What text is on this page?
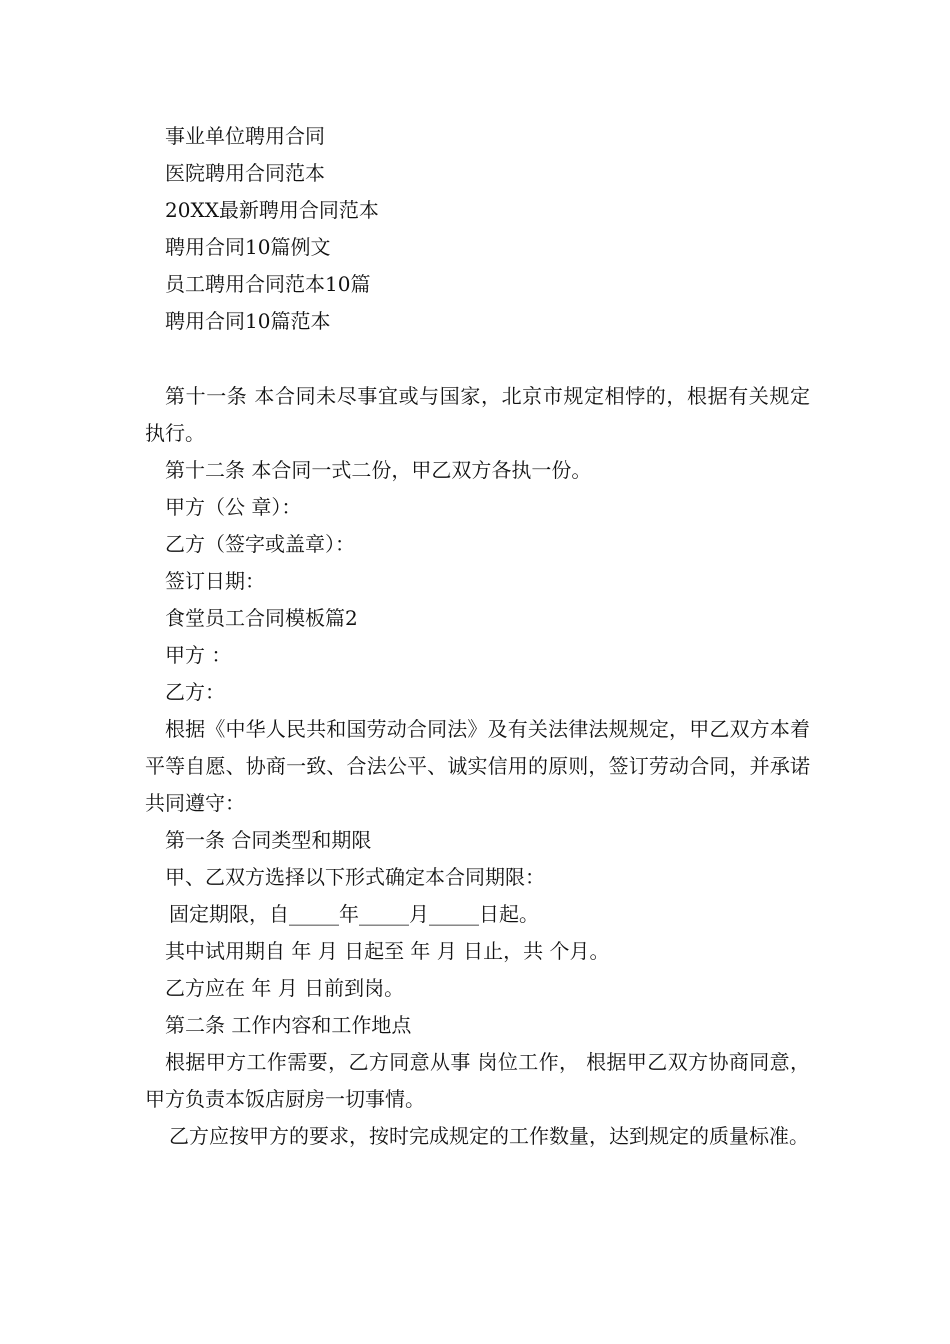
事业单位聘用合同

医院聘用合同范本

20XX最新聘用合同范本

聘用合同10篇例文

员工聘用合同范本10篇

聘用合同10篇范本

第十一条 本合同未尽事宜或与国家，北京市规定相悖的，根据有关规定执行。

第十二条 本合同一式二份，甲乙双方各执一份。

甲方（公 章）：

乙方（签字或盖章）：

签订日期：

食堂员工合同模板篇2

甲方 ：

乙方：

根据《中华人民共和国劳动合同法》及有关法律法规规定，甲乙双方本着平等自愿、协商一致、合法公平、诚实信用的原则，签订劳动合同，并承诺共同遵守：

第一条 合同类型和期限

甲、乙双方选择以下形式确定本合同期限：

固定期限，自_____年_____月_____日起。

其中试用期自 年 月 日起至 年 月 日止，共 个月。

乙方应在 年 月 日前到岗。

第二条 工作内容和工作地点

根据甲方工作需要，乙方同意从事 岗位工作， 根据甲乙双方协商同意，甲方负责本饭店厨房一切事情。

乙方应按甲方的要求，按时完成规定的工作数量，达到规定的质量标准。
